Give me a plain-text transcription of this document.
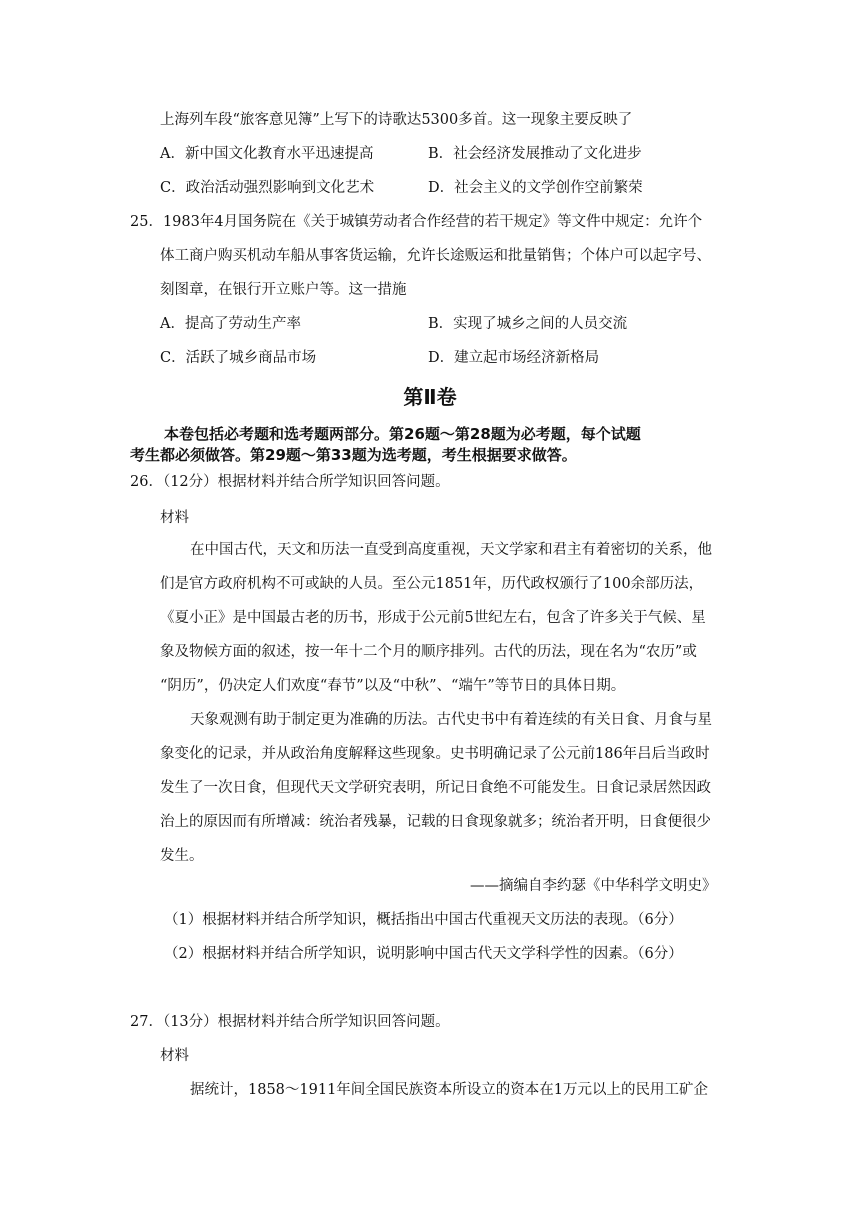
上海列车段“旅客意见簿”上写下的诗歌达5300多首。这一现象主要反映了
A．新中国文化教育水平迅速提高	B．社会经济发展推动了文化进步
C．政治活动强烈影响到文化艺术	D．社会主义的文学创作空前繁荣
25．1983年4月国务院在《关于城镇劳动者合作经营的若干规定》等文件中规定：允许个
体工商户购买机动车船从事客货运输，允许长途贩运和批量销售；个体户可以起字号、
刻图章，在银行开立账户等。这一措施
A．提高了劳动生产率	B．实现了城乡之间的人员交流
C．活跃了城乡商品市场	D．建立起市场经济新格局
第Ⅱ卷
本卷包括必考题和选考题两部分。第26题～第28题为必考题，每个试题
考生都必须做答。第29题～第33题为选考题，考生根据要求做答。
26．（12分）根据材料并结合所学知识回答问题。
材料
在中国古代，天文和历法一直受到高度重视，天文学家和君主有着密切的关系，他
们是官方政府机构不可或缺的人员。至公元1851年，历代政权颁行了100余部历法，
《夏小正》是中国最古老的历书，形成于公元前5世纪左右，包含了许多关于气候、星
象及物候方面的叙述，按一年十二个月的顺序排列。古代的历法，现在名为“农历”或
“阴历”，仍决定人们欢度“春节”以及“中秋”、“端午”等节日的具体日期。
天象观测有助于制定更为准确的历法。古代史书中有着连续的有关日食、月食与星
象变化的记录，并从政治角度解释这些现象。史书明确记录了公元前186年吕后当政时
发生了一次日食，但现代天文学研究表明，所记日食绝不可能发生。日食记录居然因政
治上的原因而有所增减：统治者残暴，记载的日食现象就多；统治者开明，日食便很少
发生。
——摘编自李约瑟《中华科学文明史》
（1）根据材料并结合所学知识，概括指出中国古代重视天文历法的表现。（6分）
（2）根据材料并结合所学知识，说明影响中国古代天文学科学性的因素。（6分）
27．（13分）根据材料并结合所学知识回答问题。
材料
据统计，1858～1911年间全国民族资本所设立的资本在1万元以上的民用工矿企
